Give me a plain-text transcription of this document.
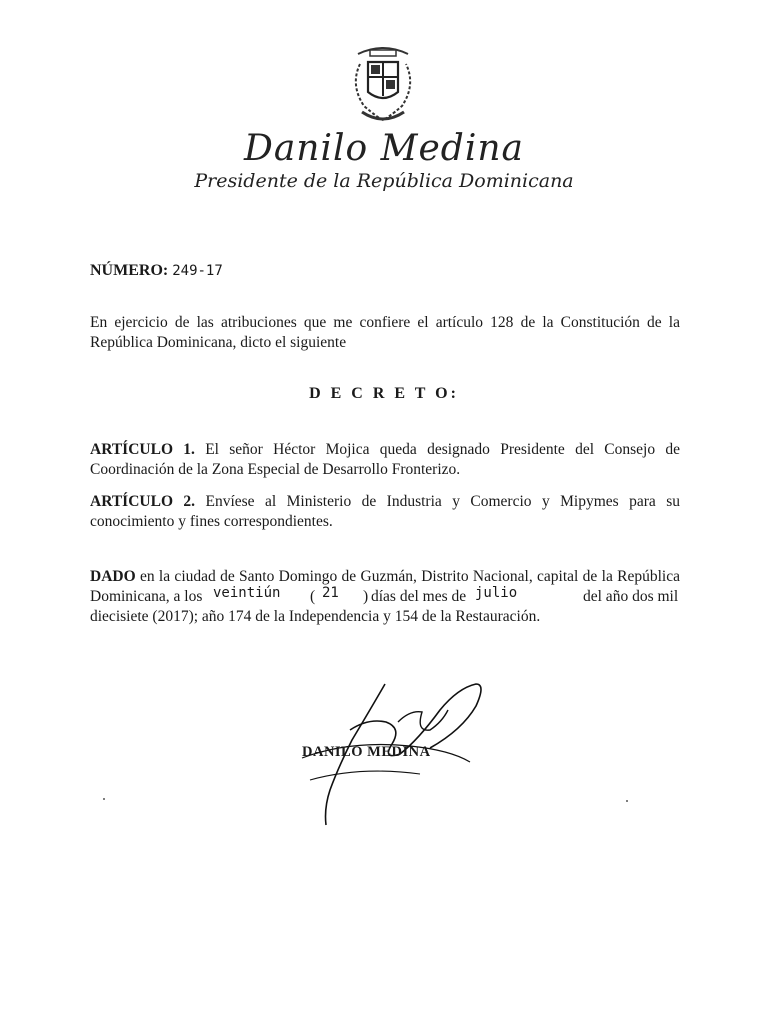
Danilo Medina
Presidente de la República Dominicana
NÚMERO: 249-17
En ejercicio de las atribuciones que me confiere el artículo 128 de la Constitución de la República Dominicana, dicto el siguiente
D E C R E T O:
ARTÍCULO 1. El señor Héctor Mojica queda designado Presidente del Consejo de Coordinación de la Zona Especial de Desarrollo Fronterizo.
ARTÍCULO 2. Envíese al Ministerio de Industria y Comercio y Mipymes para su conocimiento y fines correspondientes.
DADO en la ciudad de Santo Domingo de Guzmán, Distrito Nacional, capital de la República
Dominicana, a los	(	) días del mes de	del año dos mil
diecisiete (2017); año 174 de la Independencia y 154 de la Restauración.
veintiún	21	julio
DANILO MEDINA
